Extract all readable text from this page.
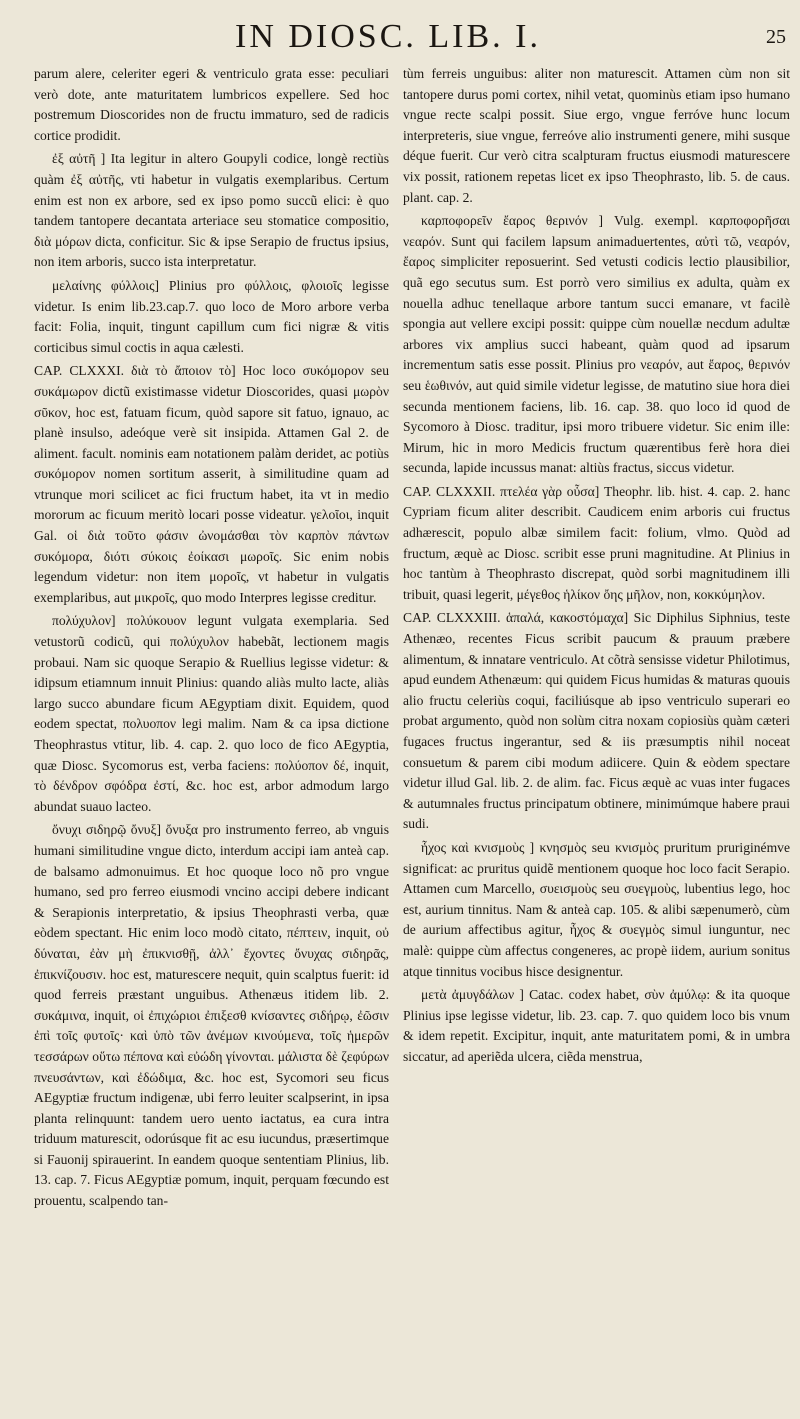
IN DIOSC. LIB. I.	25

parum alere, celeriter egeri & ventriculo grata esse: peculiari verò dote, ante maturitatem lumbricos expellere. Sed hoc postremum Dioscorides non de fructu immaturo, sed de radicis cortice prodidit.

ἐξ αὐτῆ ] Ita legitur in altero Goupyli codice, longè rectiùs quàm ἐξ αὐτῆς, vti habetur in vulgatis exemplaribus. Certum enim est non ex arbore, sed ex ipso pomo succũ elici: è quo tandem tantopere decantata arteriace seu stomatice compositio, διὰ μόρων dicta, conficitur. Sic & ipse Serapio de fructus ipsius, non item arboris, succo ista interpretatur.

μελαίνης φύλλοις] Plinius pro φύλλοις, φλοιοῖς legisse videtur. Is enim lib.23.cap.7. quo loco de Moro arbore verba facit: Folia, inquit, tingunt capillum cum fici nigræ & vitis corticibus simul coctis in aqua cælesti.

CAP. CLXXXI. διὰ τὸ ἄποιον τὸ] Hoc loco συκόμορον seu συκάμωρον dictũ existimasse videtur Dioscorides, quasi μωρὸν σῦκον, hoc est, fatuam ficum, quòd sapore sit fatuo, ignauo, ac planè insulso, adeóque verè sit insipida. Attamen Gal 2. de aliment. facult. nominis eam notationem palàm deridet, ac potiùs συκόμορον nomen sortitum asserit, à similitudine quam ad vtrunque mori scilicet ac fici fructum habet, ita vt in medio mororum ac ficuum meritò locari posse videatur. γελοῖοι, inquit Gal. οἱ διὰ τοῦτο φάσιν ὠνομάσθαι τὸν καρπὸν πάντων συκόμορα, διότι σύκοις ἐοίκασι μωροῖς. Sic enim nobis legendum videtur: non item μοροῖς, vt habetur in vulgatis exemplaribus, aut μικροῖς, quo modo Interpres legisse creditur.

πολύχυλον] πολύκουον legunt vulgata exemplaria. Sed vetustorũ codicũ, qui πολύχυλον habebãt, lectionem magis probaui. Nam sic quoque Serapio & Ruellius legisse videtur: & idipsum etiamnum innuit Plinius: quando aliàs multo lacte, aliàs largo succo abundare ficum AEgyptiam dixit. Equidem, quod eodem spectat, πολυοπον legi malim. Nam & ca ipsa dictione Theophrastus vtitur, lib. 4. cap. 2. quo loco de fico AEgyptia, quæ Diosc. Sycomorus est, verba faciens: πολύοπον δέ, inquit, τὸ δένδρον σφόδρα ἐστί, &c. hoc est, arbor admodum largo abundat suauo lacteo.

ὄνυχι σιδηρῷ ὄνυξ] ὄνυξα pro instrumento ferreo, ab vnguis humani similitudine vngue dicto, interdum accipi iam anteà cap. de balsamo admonuimus. Et hoc quoque loco nõ pro vngue humano, sed pro ferreo eiusmodi vncino accipi debere indicant & Serapionis interpretatio, & ipsius Theophrasti verba, quæ eòdem spectant. Hic enim loco modò citato, πέπτειν, inquit, οὐ δύναται, ἐὰν μὴ ἐπικνισθῇ, ἀλλ᾽ ἔχοντες ὄνυχας σιδηρᾶς, ἐπικνίζουσιν. hoc est, maturescere nequit, quin scalptus fuerit: id quod ferreis præstant unguibus. Athenæus itidem lib. 2. συκάμινα, inquit, οἱ ἐπιχώριοι ἐπιξεσθ κνίσαντες σιδήρῳ, ἐῶσιν ἐπὶ τοῖς φυτοῖς· καὶ ὑπὸ τῶν ἀνέμων κινούμενα, τοῖς ἡμερῶν τεσσάρων οὕτω πέπονα καὶ εὐώδη γίνονται. μάλιστα δὲ ζεφύρων πνευσάντων, καὶ ἐδώδιμα, &c. hoc est, Sycomori seu ficus AEgyptiæ fructum indigenæ, ubi ferro leuiter scalpserint, in ipsa planta relinquunt: tandem uero uento iactatus, ea cura intra triduum maturescit, odorúsque fit ac esu iucundus, præsertimque si Fauonij spirauerint. In eandem quoque sententiam Plinius, lib. 13. cap. 7. Ficus AEgyptiæ pomum, inquit, perquam fœcundo est prouentu, scalpendo tan-

tùm ferreis unguibus: aliter non maturescit. Attamen cùm non sit tantopere durus pomi cortex, nihil vetat, quominùs etiam ipso humano vngue recte scalpi possit. Siue ergo, vngue ferróve hunc locum interpreteris, siue vngue, ferreóve alio instrumenti genere, mihi susque déque fuerit. Cur verò citra scalpturam fructus eiusmodi maturescere vix possit, rationem repetas licet ex ipso Theophrasto, lib. 5. de caus. plant. cap. 2.

καρποφορεῖν ἔαρος θερινόν ] Vulg. exempl. καρποφορῆσαι νεαρόν. Sunt qui facilem lapsum animaduertentes, αὐτὶ τῶ, νεαρόν, ἔαρος simpliciter reposuerint. Sed vetusti codicis lectio plausibilior, quã ego secutus sum. Est porrò vero similius ex adulta, quàm ex nouella adhuc tenellaque arbore tantum succi emanare, vt facilè spongia aut vellere excipi possit: quippe cùm nouellæ necdum adultæ arbores vix amplius succi habeant, quàm quod ad ipsarum incrementum satis esse possit. Plinius pro νεαρόν, aut ἔαρος, θερινόν seu ἑωθινόν, aut quid simile videtur legisse, de matutino siue hora diei secunda mentionem faciens, lib. 16. cap. 38. quo loco id quod de Sycomoro à Diosc. traditur, ipsi moro tribuere videtur. Sic enim ille: Mirum, hic in moro Medicis fructum quærentibus ferè hora diei secunda, lapide incussus manat: altiùs fractus, siccus videtur.

CAP. CLXXXII. πτελέα γὰρ οὖσα] Theophr. lib. hist. 4. cap. 2. hanc Cypriam ficum aliter describit. Caudicem enim arboris cui fructus adhærescit, populo albæ similem facit: folium, vlmo. Quòd ad fructum, æquè ac Diosc. scribit esse pruni magnitudine. At Plinius in hoc tantùm à Theophrasto discrepat, quòd sorbi magnitudinem illi tribuit, quasi legerit, μέγεθος ἡλίκον ὄης μῆλον, non, κοκκύμηλον.

CAP. CLXXXIII. ἁπαλά, κακοστόμαχα] Sic Diphilus Siphnius, teste Athenæo, recentes Ficus scribit paucum & prauum præbere alimentum, & innatare ventriculo. At cõtrà sensisse videtur Philotimus, apud eundem Athenæum: qui quidem Ficus humidas & maturas quouis alio fructu celeriùs coqui, faciliúsque ab ipso ventriculo superari eo probat argumento, quòd non solùm citra noxam copiosiùs quàm cæteri fugaces fructus ingerantur, sed & iis præsumptis nihil noceat consuetum & parem cibi modum adiicere. Quin & eòdem spectare videtur illud Gal. lib. 2. de alim. fac. Ficus æquè ac vuas inter fugaces & autumnales fructus principatum obtinere, minimúmque habere praui sudi.

ἦχος καὶ κνισμοὺς ] κνησμὸς seu κνισμὸς pruritum pruriginémve significat: ac pruritus quidẽ mentionem quoque hoc loco facit Serapio. Attamen cum Marcello, συεισμοὺς seu συεγμοὺς, lubentius lego, hoc est, aurium tinnitus. Nam & anteà cap. 105. & alibi sæpenumerò, cùm de aurium affectibus agitur, ἦχος & συεγμὸς simul iunguntur, nec malè: quippe cùm affectus congeneres, ac propè iidem, aurium sonitus atque tinnitus vocibus hisce designentur.

μετὰ ἀμυγδάλων ] Catac. codex habet, σὺν ἀμύλῳ: & ita quoque Plinius ipse legisse videtur, lib. 23. cap. 7. quo quidem loco bis vnum & idem repetit. Excipitur, inquit, ante maturitatem pomi, & in umbra siccatur, ad aperiẽda ulcera, ciẽda menstrua,
